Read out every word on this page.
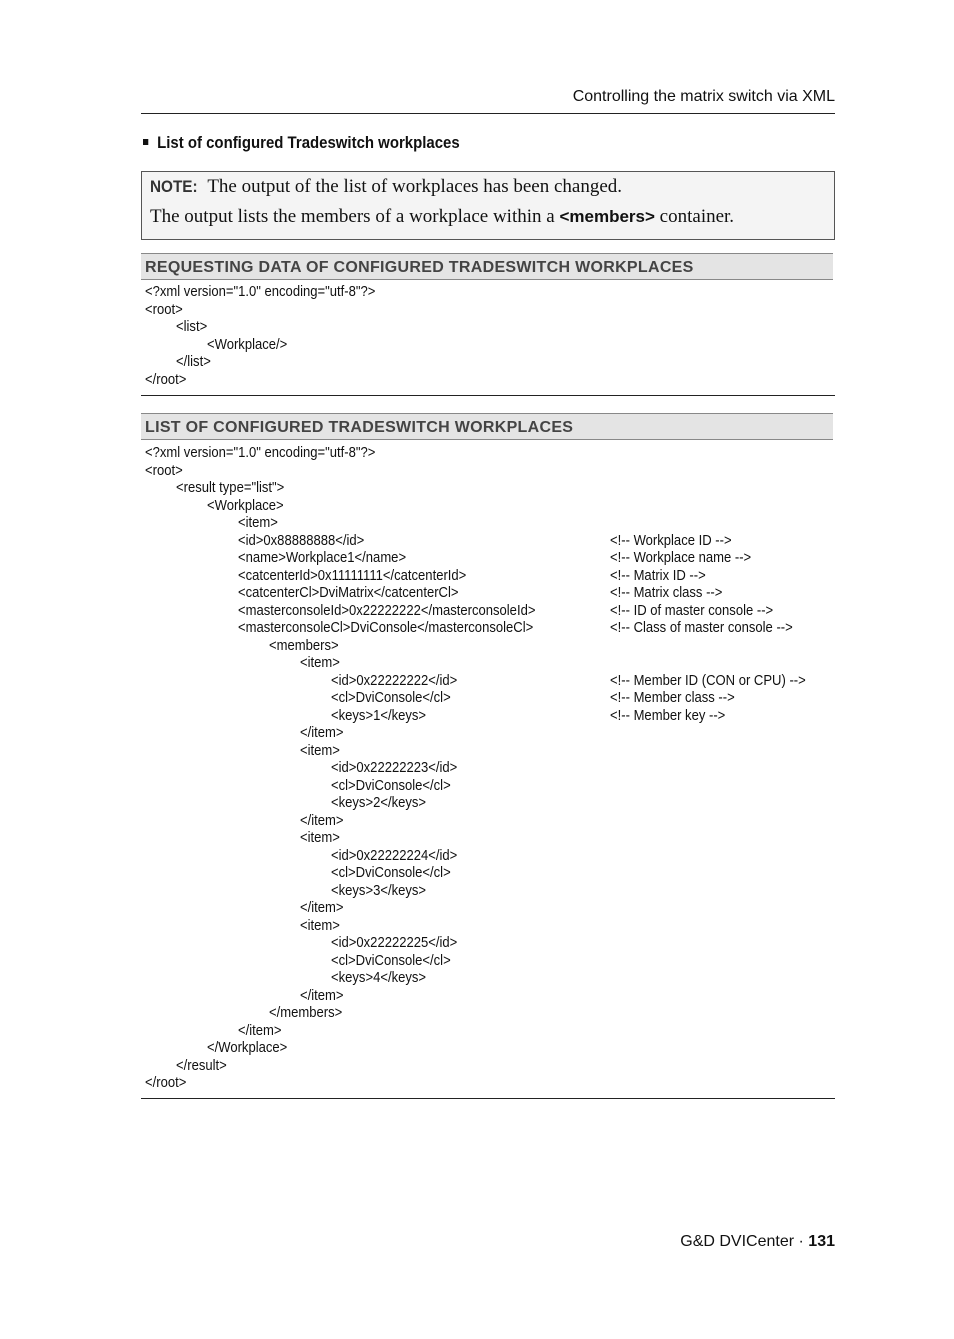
Controlling the matrix switch via XML
List of configured Tradeswitch workplaces
NOTE: The output of the list of workplaces has been changed.
The output lists the members of a workplace within a <members> container.
REQUESTING DATA OF CONFIGURED TRADESWITCH WORKPLACES
<?xml version="1.0" encoding="utf-8"?>
<root>
<list>
<Workplace/>
</list>
</root>
LIST OF CONFIGURED TRADESWITCH WORKPLACES
<?xml version="1.0" encoding="utf-8"?>
<root>
<result type="list">
<Workplace>
<item>
<id>0x88888888</id>	<!-- Workplace ID -->
<name>Workplace1</name>	<!-- Workplace name -->
<catcenterId>0x11111111</catcenterId>	<!-- Matrix ID -->
<catcenterCl>DviMatrix</catcenterCl>	<!-- Matrix class -->
<masterconsoleId>0x22222222</masterconsoleId>	<!-- ID of master console -->
<masterconsoleCl>DviConsole</masterconsoleCl>	<!-- Class of master console -->
<members>
<item>
<id>0x22222222</id>	<!-- Member ID (CON or CPU) -->
<cl>DviConsole</cl>	<!-- Member class -->
<keys>1</keys>	<!-- Member key -->
</item>
<item>
<id>0x22222223</id>
<cl>DviConsole</cl>
<keys>2</keys>
</item>
<item>
<id>0x22222224</id>
<cl>DviConsole</cl>
<keys>3</keys>
</item>
<item>
<id>0x22222225</id>
<cl>DviConsole</cl>
<keys>4</keys>
</item>
</members>
</item>
</Workplace>
</result>
</root>
G&D DVICenter · 131
